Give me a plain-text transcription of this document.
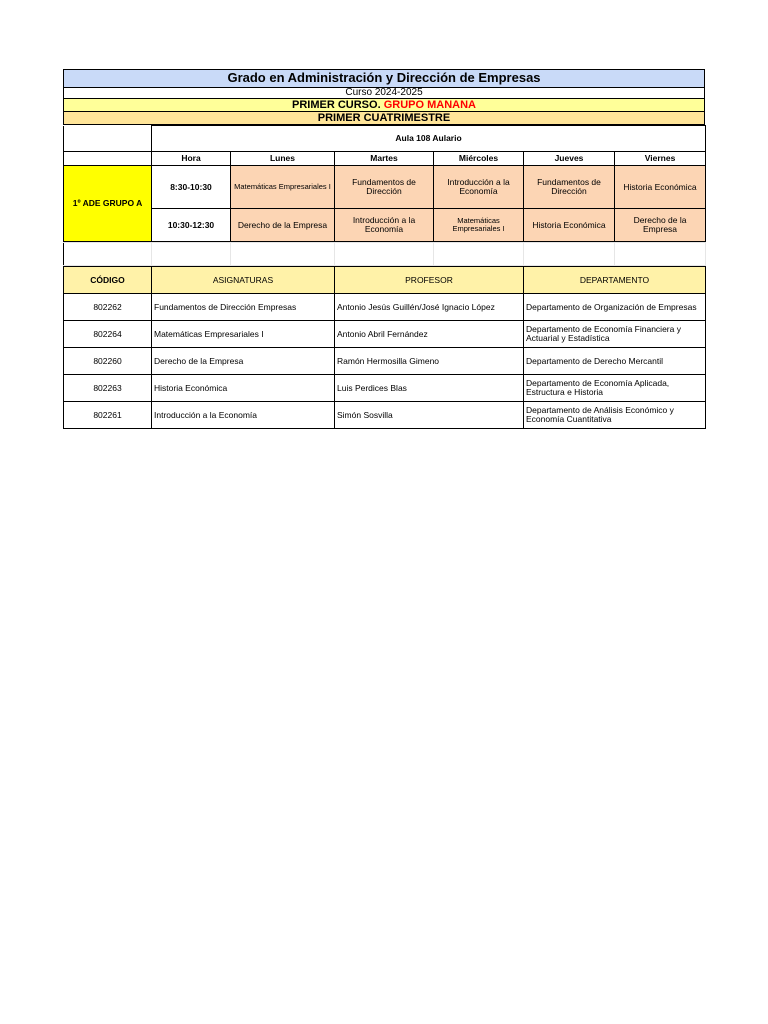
Grado en Administración y Dirección de Empresas
Curso 2024-2025
PRIMER CURSO. GRUPO MANANA
PRIMER CUATRIMESTRE
	Aula 108 Aulario					
	Hora	Lunes	Martes	Miércoles	Jueves	Viernes
1º ADE GRUPO A	8:30-10:30	Matemáticas Empresariales I	Fundamentos de Dirección	Introducción a la Economía	Fundamentos de Dirección	Historia Económica
	10:30-12:30	Derecho de la Empresa	Introducción a la Economía	Matemáticas Empresariales I	Historia Económica	Derecho de la Empresa

CÓDIGO	ASIGNATURAS	PROFESOR	DEPARTAMENTO
802262	Fundamentos de Dirección Empresas	Antonio Jesús Guillén/José Ignacio López	Departamento de Organización de Empresas
802264	Matemáticas Empresariales I	Antonio Abril Fernández	Departamento de Economía Financiera y Actuarial y Estadística
802260	Derecho de la Empresa	Ramón Hermosilla Gimeno	Departamento de Derecho Mercantil
802263	Historia Económica	Luis Perdices Blas	Departamento de Economía Aplicada, Estructura e Historia
802261	Introducción a la Economía	Simón Sosvilla	Departamento de Análisis Económico y Economía Cuantitativa
